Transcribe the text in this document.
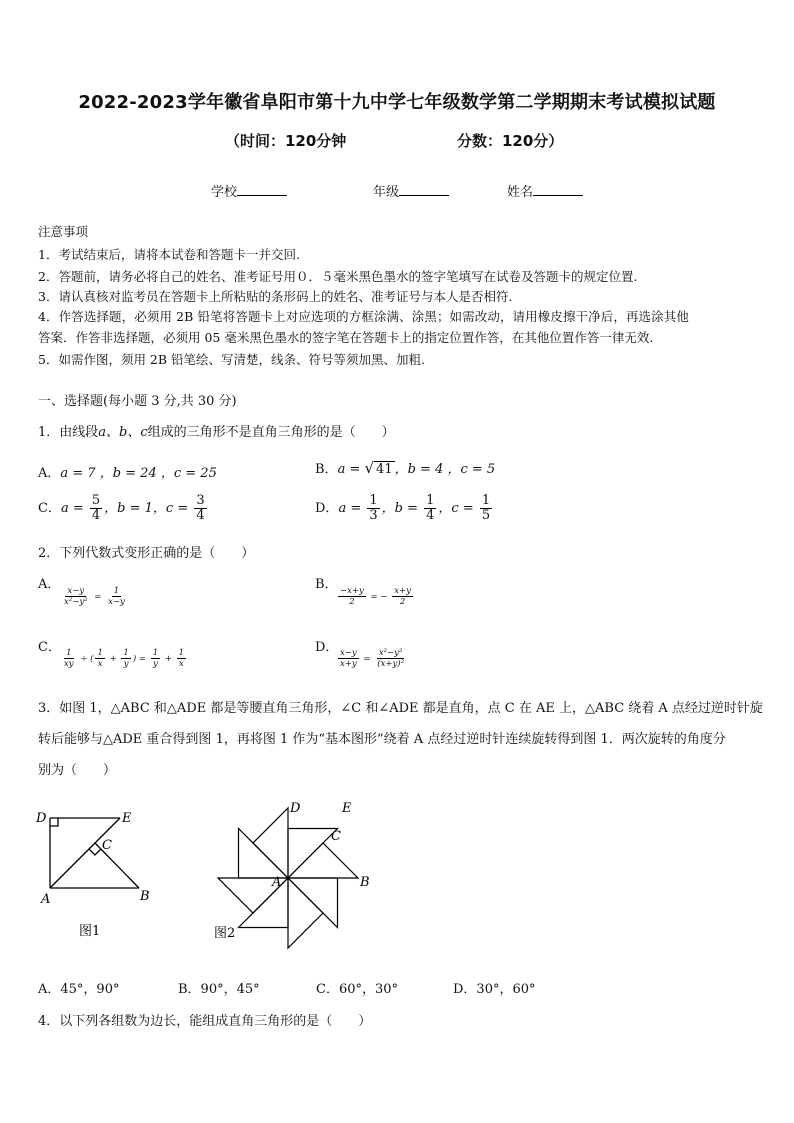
2022-2023学年徽省阜阳市第十九中学七年级数学第二学期期末考试模拟试题
（时间：120分钟	分数：120分）
学校	年级	姓名
注意事项
1．考试结束后，请将本试卷和答题卡一并交回.
2．答题前，请务必将自己的姓名、准考证号用０．５毫米黑色墨水的签字笔填写在试卷及答题卡的规定位置.
3．请认真核对监考员在答题卡上所粘贴的条形码上的姓名、准考证号与本人是否相符.
4．作答选择题，必须用 2B 铅笔将答题卡上对应选项的方框涂满、涂黑；如需改动，请用橡皮擦干净后，再选涂其他
答案．作答非选择题，必须用 05 毫米黑色墨水的签字笔在答题卡上的指定位置作答，在其他位置作答一律无效.
5．如需作图，须用 2B 铅笔绘、写清楚，线条、符号等须加黑、加粗.
一、选择题(每小题 3 分,共 30 分)
1．由线段a、b、c组成的三角形不是直角三角形的是（　　）
A．a = 7 ，b = 24 ，c = 25	B．a = √ 41 ，b = 4 ，c = 5
C．$a = \frac{5}{4}$ ，b = 1，$c = \frac{3}{4}$	D．$a = \frac{1}{3}$ ，$b = \frac{1}{4}$ ，$c = \frac{1}{5}$
2．下列代数式变形正确的是（　　）
A．
$\frac{x-y}{\text{x²−y²}} = \frac{1}{x-y}$
B．
$\frac{-x+y}{2}$ = − $\frac{x+y}{2}$
C．
$\frac{1}{xy}$ ÷ ( $\frac{1}{x} + \frac{1}{y}$ ) = $\frac{1}{y} + \frac{1}{x}$
D．
$\frac{x-y}{x+y} = \frac{\text{x²−y²}}{\text{(x+y)²}}$
3．如图 1，△ABC 和△ADE 都是等腰直角三角形，∠C 和∠ADE 都是直角，点 C 在 AE 上，△ABC 绕着 A 点经过逆时针旋
转后能够与△ADE 重合得到图 1，再将图 1 作为“基本图形”绕着 A 点经过逆时针连续旋转得到图 1．两次旋转的角度分
别为（　　）
D	E
C
A	B
图1
D	E
C
A	B
图2
A．45°，90°	B．90°，45°	C．60°，30°	D．30°，60°
4．以下列各组数为边长，能组成直角三角形的是（　　）
